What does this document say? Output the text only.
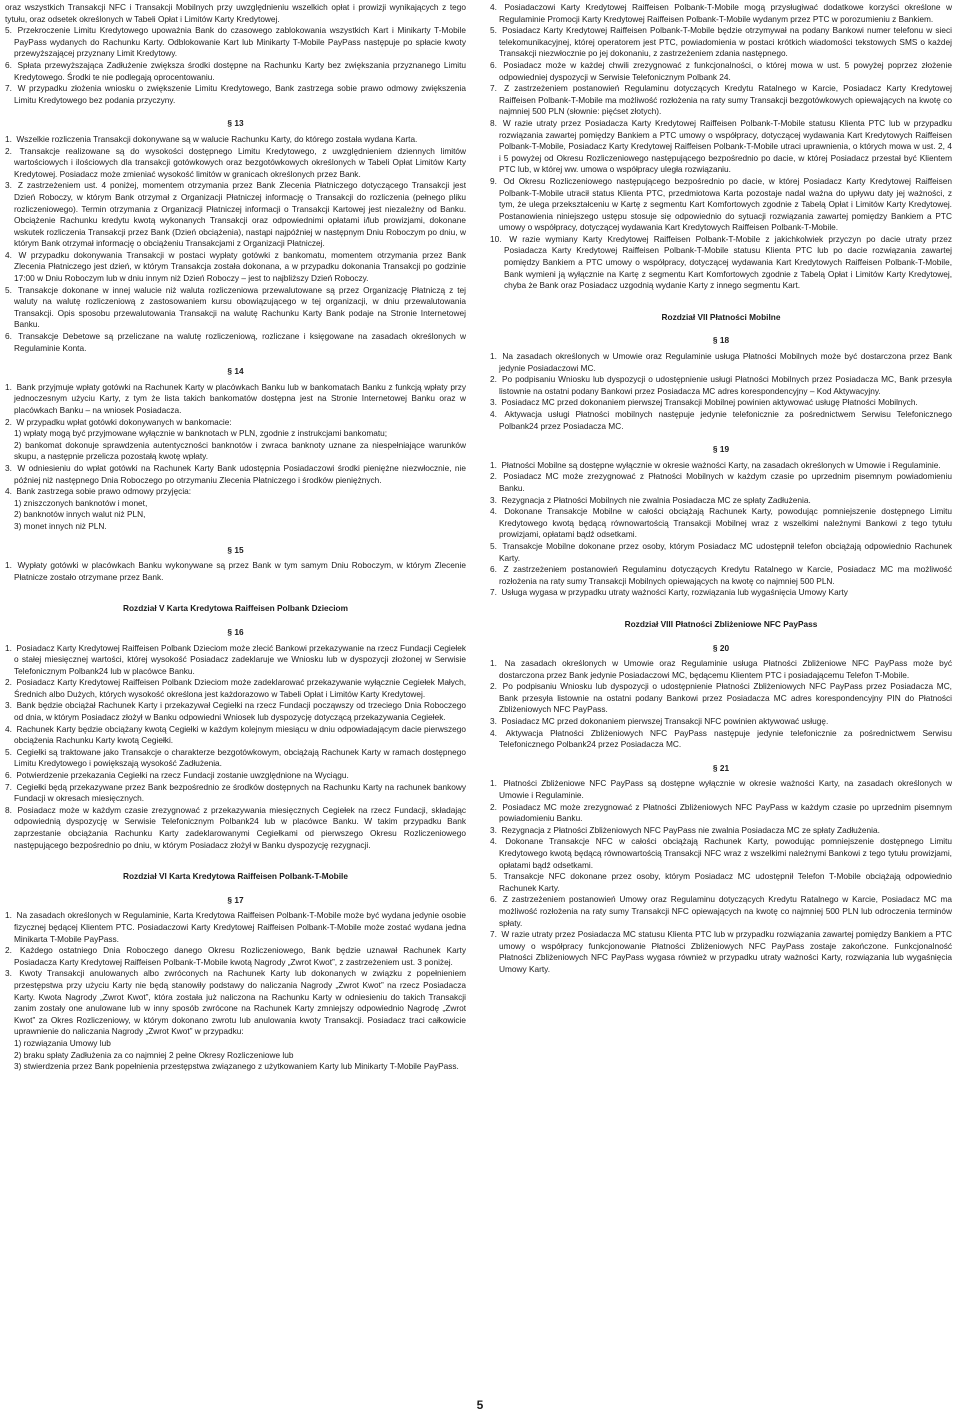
oraz wszystkich Transakcji NFC i Transakcji Mobilnych przy uwzględnieniu wszelkich opłat i prowizji wynikających z tego tytułu, oraz odsetek określonych w Tabeli Opłat i Limitów Karty Kredytowej.

5. Przekroczenie Limitu Kredytowego upoważnia Bank do czasowego zablokowania wszystkich Kart i Minikarty T-Mobile PayPass wydanych do Rachunku Karty. Odblokowanie Kart lub Minikarty T-Mobile PayPass następuje po spłacie kwoty przewyższającej przyznany Limit Kredytowy.

6. Spłata przewyższająca Zadłużenie zwiększa środki dostępne na Rachunku Karty bez zwiększania przyznanego Limitu Kredytowego. Środki te nie podlegają oprocentowaniu.

7. W przypadku złożenia wniosku o zwiększenie Limitu Kredytowego, Bank zastrzega sobie prawo odmowy zwiększenia Limitu Kredytowego bez podania przyczyny.

§ 13

1. Wszelkie rozliczenia Transakcji dokonywane są w walucie Rachunku Karty, do którego została wydana Karta.

2. Transakcje realizowane są do wysokości dostępnego Limitu Kredytowego, z uwzględnieniem dziennych limitów wartościowych i ilościowych dla transakcji gotówkowych oraz bezgotówkowych określonych w Tabeli Opłat Limitów Karty Kredytowej. Posiadacz może zmieniać wysokość limitów w granicach określonych przez Bank.

3. Z zastrzeżeniem ust. 4 poniżej, momentem otrzymania przez Bank Zlecenia Płatniczego dotyczącego Transakcji jest Dzień Roboczy, w którym Bank otrzymał z Organizacji Płatniczej informację o Transakcji do rozliczenia (pełnego pliku rozliczeniowego). Termin otrzymania z Organizacji Płatniczej informacji o Transakcji Kartowej jest niezależny od Banku. Obciążenie Rachunku kredytu kwotą wykonanych Transakcji oraz odpowiednimi opłatami i/lub prowizjami, dokonane wskutek rozliczenia Transakcji przez Bank (Dzień obciążenia), nastąpi najpóźniej w następnym Dniu Roboczym po dniu, w którym Bank otrzymał informację o obciążeniu Transakcjami z Organizacji Płatniczej.

4. W przypadku dokonywania Transakcji w postaci wypłaty gotówki z bankomatu, momentem otrzymania przez Bank Zlecenia Płatniczego jest dzień, w którym Transakcja została dokonana, a w przypadku dokonania Transakcji po godzinie 17:00 w Dniu Roboczym lub w dniu innym niż Dzień Roboczy – jest to najbliższy Dzień Roboczy.

5. Transakcje dokonane w innej walucie niż waluta rozliczeniowa przewalutowane są przez Organizację Płatniczą z tej waluty na walutę rozliczeniową z zastosowaniem kursu obowiązującego w tej organizacji, w dniu przewalutowania Transakcji. Opis sposobu przewalutowania Transakcji na walutę Rachunku Karty Bank podaje na Stronie Internetowej Banku.

6. Transakcje Debetowe są przeliczane na walutę rozliczeniową, rozliczane i księgowane na zasadach określonych w Regulaminie Konta.

§ 14

1. Bank przyjmuje wpłaty gotówki na Rachunek Karty w placówkach Banku lub w bankomatach Banku z funkcją wpłaty przy jednoczesnym użyciu Karty, z tym że lista takich bankomatów dostępna jest na Stronie Internetowej Banku oraz w placówkach Banku – na wniosek Posiadacza.

2. W przypadku wpłat gotówki dokonywanych w bankomacie:

1) wpłaty mogą być przyjmowane wyłącznie w banknotach w PLN, zgodnie z instrukcjami bankomatu;

2) bankomat dokonuje sprawdzenia autentyczności banknotów i zwraca banknoty uznane za niespełniające warunków skupu, a następnie przelicza pozostałą kwotę wpłaty.

3. W odniesieniu do wpłat gotówki na Rachunek Karty Bank udostępnia Posiadaczowi środki pieniężne niezwłocznie, nie później niż następnego Dnia Roboczego po otrzymaniu Zlecenia Płatniczego i środków pieniężnych.

4. Bank zastrzega sobie prawo odmowy przyjęcia:

1) zniszczonych banknotów i monet,

2) banknotów innych walut niż PLN,

3) monet innych niż PLN.

§ 15

1. Wypłaty gotówki w placówkach Banku wykonywane są przez Bank w tym samym Dniu Roboczym, w którym Zlecenie Płatnicze zostało otrzymane przez Bank.

Rozdział V Karta Kredytowa Raiffeisen Polbank Dzieciom
§ 16

1. Posiadacz Karty Kredytowej Raiffeisen Polbank Dzieciom może zlecić Bankowi przekazywanie na rzecz Fundacji Cegiełek o stałej miesięcznej wartości, której wysokość Posiadacz zadeklaruje we Wniosku lub w dyspozycji złożonej w Serwisie Telefonicznym Polbank24 lub w placówce Banku.

2. Posiadacz Karty Kredytowej Raiffeisen Polbank Dzieciom może zadeklarować przekazywanie wyłącznie Cegiełek Małych, Średnich albo Dużych, których wysokość określona jest każdorazowo w Tabeli Opłat i Limitów Karty Kredytowej.

3. Bank będzie obciążał Rachunek Karty i przekazywał Cegiełki na rzecz Fundacji począwszy od trzeciego Dnia Roboczego od dnia, w którym Posiadacz złożył w Banku odpowiedni Wniosek lub dyspozycję dotyczącą przekazywania Cegiełek.

4. Rachunek Karty będzie obciążany kwotą Cegiełki w każdym kolejnym miesiącu w dniu odpowiadającym dacie pierwszego obciążenia Rachunku Karty kwotą Cegiełki.

5. Cegiełki są traktowane jako Transakcje o charakterze bezgotówkowym, obciążają Rachunek Karty w ramach dostępnego Limitu Kredytowego i powiększają wysokość Zadłużenia.

6. Potwierdzenie przekazania Cegiełki na rzecz Fundacji zostanie uwzględnione na Wyciągu.

7. Cegiełki będą przekazywane przez Bank bezpośrednio ze środków dostępnych na Rachunku Karty na rachunek bankowy Fundacji w okresach miesięcznych.

8. Posiadacz może w każdym czasie zrezygnować z przekazywania miesięcznych Cegiełek na rzecz Fundacji, składając odpowiednią dyspozycję w Serwisie Telefonicznym Polbank24 lub w placówce Banku. W takim przypadku Bank zaprzestanie obciążania Rachunku Karty zadeklarowanymi Cegiełkami od pierwszego Okresu Rozliczeniowego następującego bezpośrednio po dniu, w którym Posiadacz złożył w Banku dyspozycję rezygnacji.

Rozdział VI Karta Kredytowa Raiffeisen Polbank-T-Mobile
§ 17

1. Na zasadach określonych w Regulaminie, Karta Kredytowa Raiffeisen Polbank-T-Mobile może być wydana jedynie osobie fizycznej będącej Klientem PTC. Posiadaczowi Karty Kredytowej Raiffeisen Polbank-T-Mobile może zostać wydana jedna Minikarta T-Mobile PayPass.

2. Każdego ostatniego Dnia Roboczego danego Okresu Rozliczeniowego, Bank będzie uznawał Rachunek Karty Posiadacza Karty Kredytowej Raiffeisen Polbank-T-Mobile kwotą Nagrody „Zwrot Kwot”, z zastrzeżeniem ust. 3 poniżej.

3. Kwoty Transakcji anulowanych albo zwróconych na Rachunek Karty lub dokonanych w związku z popełnieniem przestępstwa przy użyciu Karty nie będą stanowiły podstawy do naliczania Nagrody „Zwrot Kwot” na rzecz Posiadacza Karty. Kwota Nagrody „Zwrot Kwot”, która została już naliczona na Rachunku Karty w odniesieniu do takich Transakcji zanim zostały one anulowane lub w inny sposób zwrócone na Rachunek Karty zmniejszy odpowiednio Nagrodę „Zwrot Kwot” za Okres Rozliczeniowy, w którym dokonano zwrotu lub anulowania kwoty Transakcji. Posiadacz traci całkowicie uprawnienie do naliczania Nagrody „Zwrot Kwot” w przypadku:

1) rozwiązania Umowy lub

2) braku spłaty Zadłużenia za co najmniej 2 pełne Okresy Rozliczeniowe lub

3) stwierdzenia przez Bank popełnienia przestępstwa związanego z użytkowaniem Karty lub Minikarty T-Mobile PayPass.

4. Posiadaczowi Karty Kredytowej Raiffeisen Polbank-T-Mobile mogą przysługiwać dodatkowe korzyści określone w Regulaminie Promocji Karty Kredytowej Raiffeisen Polbank-T-Mobile wydanym przez PTC w porozumieniu z Bankiem.

5. Posiadacz Karty Kredytowej Raiffeisen Polbank-T-Mobile będzie otrzymywał na podany Bankowi numer telefonu w sieci telekomunikacyjnej, której operatorem jest PTC, powiadomienia w postaci krótkich wiadomości tekstowych SMS o każdej Transakcji niezwłocznie po jej dokonaniu, z zastrzeżeniem zdania następnego.

6. Posiadacz może w każdej chwili zrezygnować z funkcjonalności, o której mowa w ust. 5 powyżej poprzez złożenie odpowiedniej dyspozycji w Serwisie Telefonicznym Polbank 24.

7. Z zastrzeżeniem postanowień Regulaminu dotyczących Kredytu Ratalnego w Karcie, Posiadacz Karty Kredytowej Raiffeisen Polbank-T-Mobile ma możliwość rozłożenia na raty sumy Transakcji bezgotówkowych opiewających na kwotę co najmniej 500 PLN (słownie: pięćset złotych).

8. W razie utraty przez Posiadacza Karty Kredytowej Raiffeisen Polbank-T-Mobile statusu Klienta PTC lub w przypadku rozwiązania zawartej pomiędzy Bankiem a PTC umowy o współpracy, dotyczącej wydawania Kart Kredytowych Raiffeisen Polbank-T-Mobile, Posiadacz Karty Kredytowej Raiffeisen Polbank-T-Mobile utraci uprawnienia, o których mowa w ust. 2, 4 i 5 powyżej od Okresu Rozliczeniowego następującego bezpośrednio po dacie, w której Posiadacz przestał być Klientem PTC lub, w której ww. umowa o współpracy uległa rozwiązaniu.

9. Od Okresu Rozliczeniowego następującego bezpośrednio po dacie, w której Posiadacz Karty Kredytowej Raiffeisen Polbank-T-Mobile utracił status Klienta PTC, przedmiotowa Karta pozostaje nadal ważna do upływu daty jej ważności, z tym, że ulega przekształceniu w Kartę z segmentu Kart Komfortowych zgodnie z Tabelą Opłat i Limitów Karty Kredytowej. Postanowienia niniejszego ustępu stosuje się odpowiednio do sytuacji rozwiązania zawartej pomiędzy Bankiem a PTC umowy o współpracy, dotyczącej wydawania Kart Kredytowych Raiffeisen Polbank-T-Mobile.

10. W razie wymiany Karty Kredytowej Raiffeisen Polbank-T-Mobile z jakichkolwiek przyczyn po dacie utraty przez Posiadacza Karty Kredytowej Raiffeisen Polbank-T-Mobile statusu Klienta PTC lub po dacie rozwiązania zawartej pomiędzy Bankiem a PTC umowy o współpracy, dotyczącej wydawania Kart Kredytowych Raiffeisen Polbank-T-Mobile, Bank wymieni ją wyłącznie na Kartę z segmentu Kart Komfortowych zgodnie z Tabelą Opłat i Limitów Karty Kredytowej, chyba że Bank oraz Posiadacz uzgodnią wydanie Karty z innego segmentu Kart.

Rozdział VII Płatności Mobilne
§ 18

1. Na zasadach określonych w Umowie oraz Regulaminie usługa Płatności Mobilnych może być dostarczona przez Bank jedynie Posiadaczowi MC.

2. Po podpisaniu Wniosku lub dyspozycji o udostępnienie usługi Płatności Mobilnych przez Posiadacza MC, Bank przesyła listownie na ostatni podany Bankowi przez Posiadacza MC adres korespondencyjny – Kod Aktywacyjny.

3. Posiadacz MC przed dokonaniem pierwszej Transakcji Mobilnej powinien aktywować usługę Płatności Mobilnych.

4. Aktywacja usługi Płatności mobilnych następuje jedynie telefonicznie za pośrednictwem Serwisu Telefonicznego Polbank24 przez Posiadacza MC.

§ 19

1. Płatności Mobilne są dostępne wyłącznie w okresie ważności Karty, na zasadach określonych w Umowie i Regulaminie.

2. Posiadacz MC może zrezygnować z Płatności Mobilnych w każdym czasie po uprzednim pisemnym powiadomieniu Banku.

3. Rezygnacja z Płatności Mobilnych nie zwalnia Posiadacza MC ze spłaty Zadłużenia.

4. Dokonane Transakcje Mobilne w całości obciążają Rachunek Karty, powodując pomniejszenie dostępnego Limitu Kredytowego kwotą będącą równowartością Transakcji Mobilnej wraz z wszelkimi należnymi Bankowi z tego tytułu prowizjami, opłatami bądź odsetkami.

5. Transakcje Mobilne dokonane przez osoby, którym Posiadacz MC udostępnił telefon obciążają odpowiednio Rachunek Karty.

6. Z zastrzeżeniem postanowień Regulaminu dotyczących Kredytu Ratalnego w Karcie, Posiadacz MC ma możliwość rozłożenia na raty sumy Transakcji Mobilnych opiewających na kwotę co najmniej 500 PLN.

7. Usługa wygasa w przypadku utraty ważności Karty, rozwiązania lub wygaśnięcia Umowy Karty

Rozdział VIII Płatności Zbliżeniowe NFC PayPass
§ 20

1. Na zasadach określonych w Umowie oraz Regulaminie usługa Płatności Zbliżeniowe NFC PayPass może być dostarczona przez Bank jedynie Posiadaczowi MC, będącemu Klientem PTC i posiadającemu Telefon T-Mobile.

2. Po podpisaniu Wniosku lub dyspozycji o udostępnienie Płatności Zbliżeniowych NFC PayPass przez Posiadacza MC, Bank przesyła listownie na ostatni podany Bankowi przez Posiadacza MC adres korespondencyjny PIN do Płatności Zbliżeniowych NFC PayPass.

3. Posiadacz MC przed dokonaniem pierwszej Transakcji NFC powinien aktywować usługę.

4. Aktywacja Płatności Zbliżeniowych NFC PayPass następuje jedynie telefonicznie za pośrednictwem Serwisu Telefonicznego Polbank24 przez Posiadacza MC.

§ 21

1. Płatności Zbliżeniowe NFC PayPass są dostępne wyłącznie w okresie ważności Karty, na zasadach określonych w Umowie i Regulaminie.

2. Posiadacz MC może zrezygnować z Płatności Zbliżeniowych NFC PayPass w każdym czasie po uprzednim pisemnym powiadomieniu Banku.

3. Rezygnacja z Płatności Zbliżeniowych NFC PayPass nie zwalnia Posiadacza MC ze spłaty Zadłużenia.

4. Dokonane Transakcje NFC w całości obciążają Rachunek Karty, powodując pomniejszenie dostępnego Limitu Kredytowego kwotą będącą równowartością Transakcji NFC wraz z wszelkimi należnymi Bankowi z tego tytułu prowizjami, opłatami bądź odsetkami.

5. Transakcje NFC dokonane przez osoby, którym Posiadacz MC udostępnił Telefon T-Mobile obciążają odpowiednio Rachunek Karty.

6. Z zastrzeżeniem postanowień Umowy oraz Regulaminu dotyczących Kredytu Ratalnego w Karcie, Posiadacz MC ma możliwość rozłożenia na raty sumy Transakcji NFC opiewających na kwotę co najmniej 500 PLN lub odroczenia terminów spłaty.

7. W razie utraty przez Posiadacza MC statusu Klienta PTC lub w przypadku rozwiązania zawartej pomiędzy Bankiem a PTC umowy o współpracy funkcjonowanie Płatności Zbliżeniowych NFC PayPass zostaje zakończone. Funkcjonalność Płatności Zbliżeniowych NFC PayPass wygasa również w przypadku utraty ważności Karty, rozwiązania lub wygaśnięcia Umowy Karty.

5
